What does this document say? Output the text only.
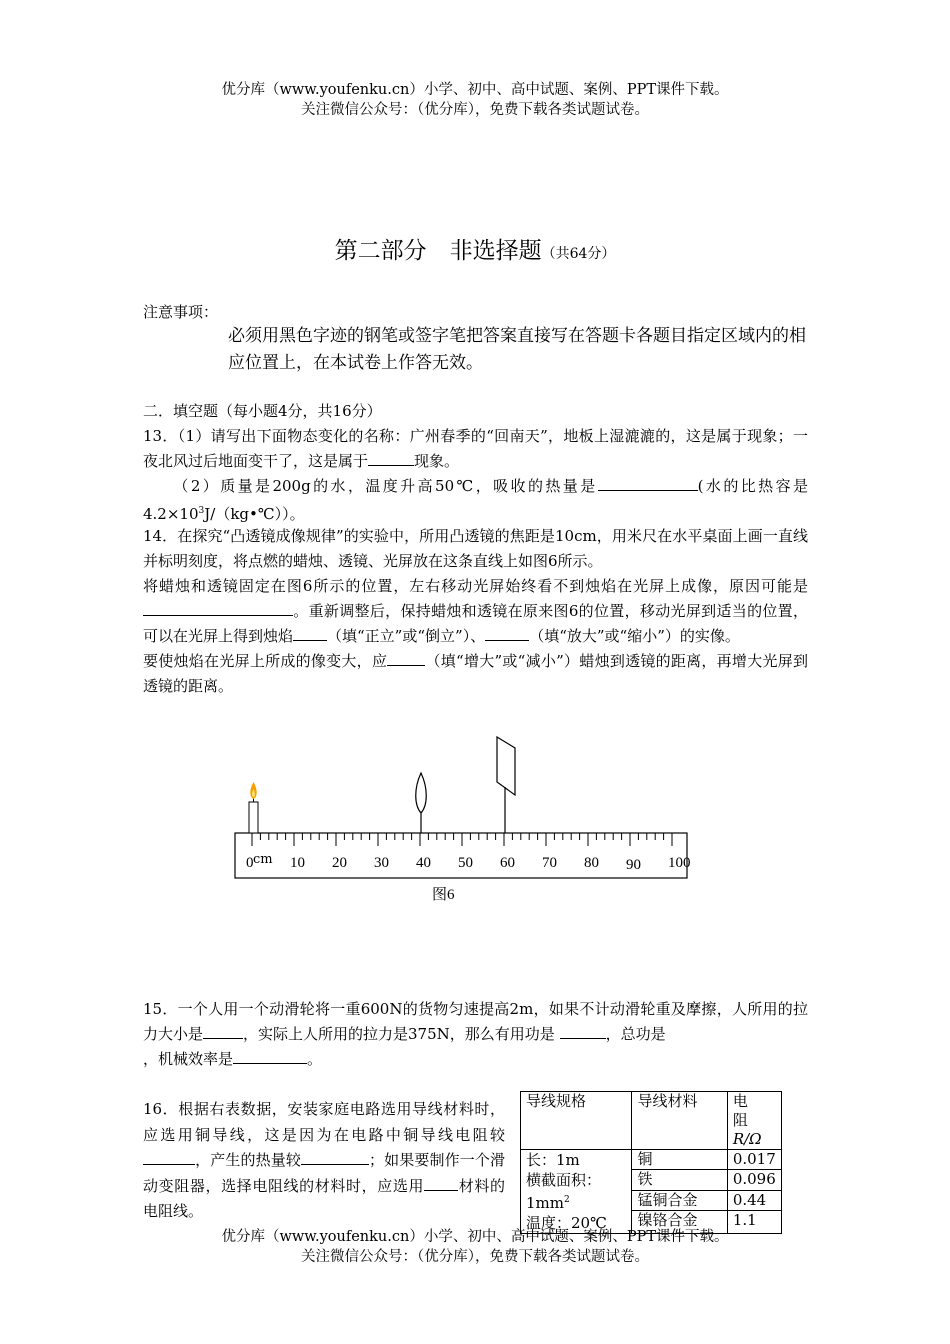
优分库（www.youfenku.cn）小学、初中、高中试题、案例、PPT课件下载。
关注微信公众号：（优分库），免费下载各类试题试卷。
第二部分　非选择题（共64分）
注意事项：
必须用黑色字迹的钢笔或签字笔把答案直接写在答题卡各题目指定区域内的相应位置上，在本试卷上作答无效。
二．填空题（每小题4分，共16分）
13．（1）请写出下面物态变化的名称：广州春季的“回南天”，地板上湿漉漉的，这是属于现象；一夜北风过后地面变干了，这是属于	现象。
（2）质量是200g的水，温度升高50℃，吸收的热量是	(水的比热容是 $4.2\times 10^3J/(kg•℃)$）。
14．在探究“凸透镜成像规律”的实验中，所用凸透镜的焦距是10cm，用米尺在水平桌面上画一直线并标明刻度，将点燃的蜡烛、透镜、光屏放在这条直线上如图6所示。
将蜡烛和透镜固定在图6所示的位置，左右移动光屏始终看不到烛焰在光屏上成像，原因可能是。重新调整后，保持蜡烛和透镜在原来图6的位置，移动光屏到适当的位置，可以在光屏上得到烛焰 （填“正立”或“倒立”）、	（填“放大”或“缩小”）的实像。
要使烛焰在光屏上所成的像变大，应	（填“增大”或“减小”）蜡烛到透镜的距离，再增大光屏到透镜的距离。
0 10 20 30 40 50 60 70 80 90 100
cm
图6
15．一个人用一个动滑轮将一重600N的货物匀速提高2m，如果不计动滑轮重及摩擦，人所用的拉力大小是	，实际上人所用的拉力是375N，那么有用功是	，总功是
，机械效率是	。
16．根据右表数据，安装家庭电路选用导线材料时，应选用铜导线，这是因为在电路中铜导线电阻较，产生的热量较	；如果要制作一个滑动变阻器，选择电阻线的材料时，应选用 材料的电阻线。
导线规格	导线材料	电　阻
R/Ω

长：1m
横截面积：
$1mm^2$
温度：20℃	铜	0.017
	铁	0.096
	锰铜合金	0.44
	镍铬合金	1.1
优分库（www.youfenku.cn）小学、初中、高中试题、案例、PPT课件下载。
关注微信公众号：（优分库），免费下载各类试题试卷。
